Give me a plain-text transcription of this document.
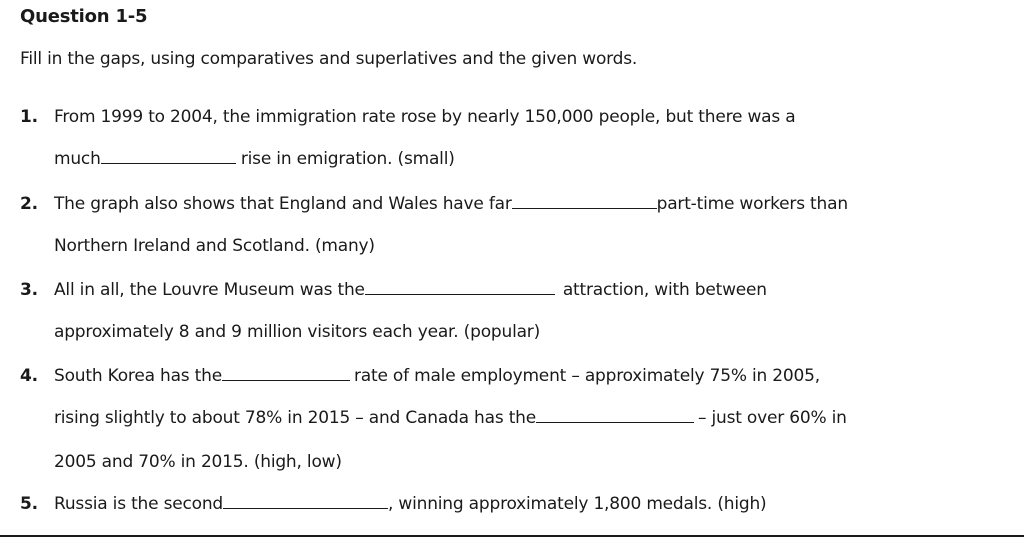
Question 1-5
Fill in the gaps, using comparatives and superlatives and the given words.
1. From 1999 to 2004, the immigration rate rose by nearly 150,000 people, but there was a
much	rise in emigration. (small)
2. The graph also shows that England and Wales have far	part-time workers than
Northern Ireland and Scotland. (many)
3. All in all, the Louvre Museum was the	attraction, with between
approximately 8 and 9 million visitors each year. (popular)
4. South Korea has the	rate of male employment – approximately 75% in 2005,
rising slightly to about 78% in 2015 – and Canada has the	– just over 60% in
2005 and 70% in 2015. (high, low)
5. Russia is the second	, winning approximately 1,800 medals. (high)
